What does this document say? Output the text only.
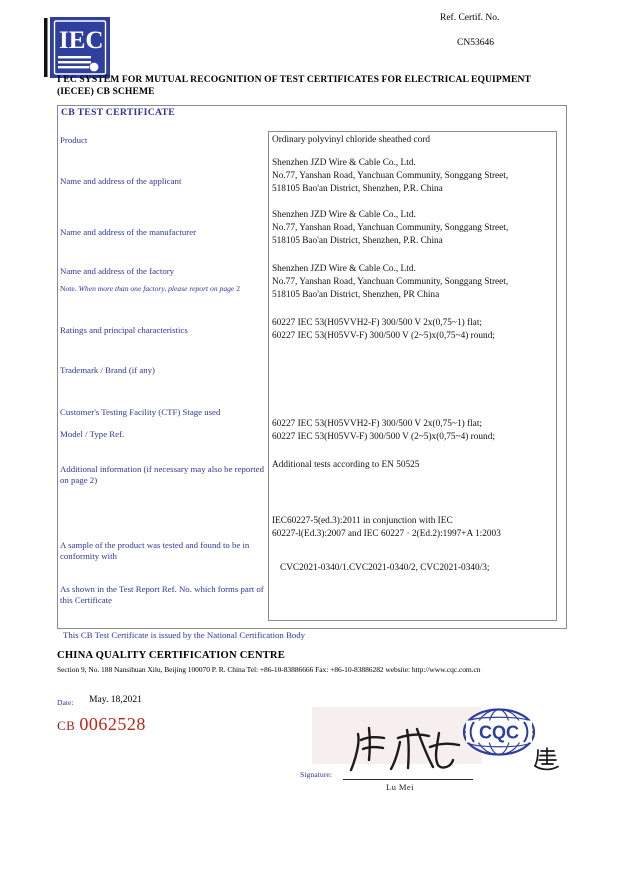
IEC
Ref. Certif. No.
CN53646
I EC SYSTEM FOR MUTUAL RECOGNITION OF TEST CERTIFICATES FOR ELECTRICAL EQUIPMENT
(IECEE) CB SCHEME
CB TEST CERTIFICATE
Product
Name and address of the applicant
Name and address of the manufacturer
Name and address of the factory
Note. When more than one factory, please report on page 2
Ratings and principal characteristics
Trademark / Brand (if any)
Customer's Testing Facility (CTF) Stage used
Model / Type Ref.
Additional information (if necessary may also be reported on page 2)
A sample of the product was tested and found to be in conformity with
As shown in the Test Report Ref. No. which forms part of this Certificate
Ordinary polyvinyl chloride sheathed cord
Shenzhen JZD Wire & Cable Co., Ltd.
No.77, Yanshan Road, Yanchuan Community, Songgang Street,
518105 Bao'an District, Shenzhen, P.R. China
Shenzhen JZD Wire & Cable Co., Ltd.
No.77, Yanshan Road, Yanchuan Community, Songgang Street,
518105 Bao'an District, Shenzhen, P.R. China
Shenzhen JZD Wire & Cable Co., Ltd.
No.77, Yanshan Road, Yanchuan Community, Songgang Street,
518105 Bao'an District, Shenzhen, PR China
60227 IEC 53(H05VVH2-F) 300/500 V 2x(0,75~1) flat;
60227 IEC 53(H05VV-F) 300/500 V (2~5)x(0,75~4) round;
60227 IEC 53(H05VVH2-F) 300/500 V 2x(0,75~1) flat;
60227 IEC 53(H05VV-F) 300/500 V (2~5)x(0,75~4) round;
Additional tests according to EN 50525
IEC60227-5(ed.3):2011 in conjunction with IEC
60227-l(Ed.3):2007 and IEC 60227 · 2(Ed.2):1997+A 1:2003
CVC2021-0340/1.CVC2021-0340/2, CVC2021-0340/3;
This CB Test Certificate is issued by the National Certification Body
CHINA QUALITY CERTIFICATION CENTRE
Section 9, No. 188 Nansihuan Xilu, Beijing 100070 P. R. China Tel: +86-10-83886666 Fax: +86-10-83886282 website: http://www.cqc.com.cn
Date: May. 18,2021
CB 0062528
Signature:
Lu Mei
CQC
